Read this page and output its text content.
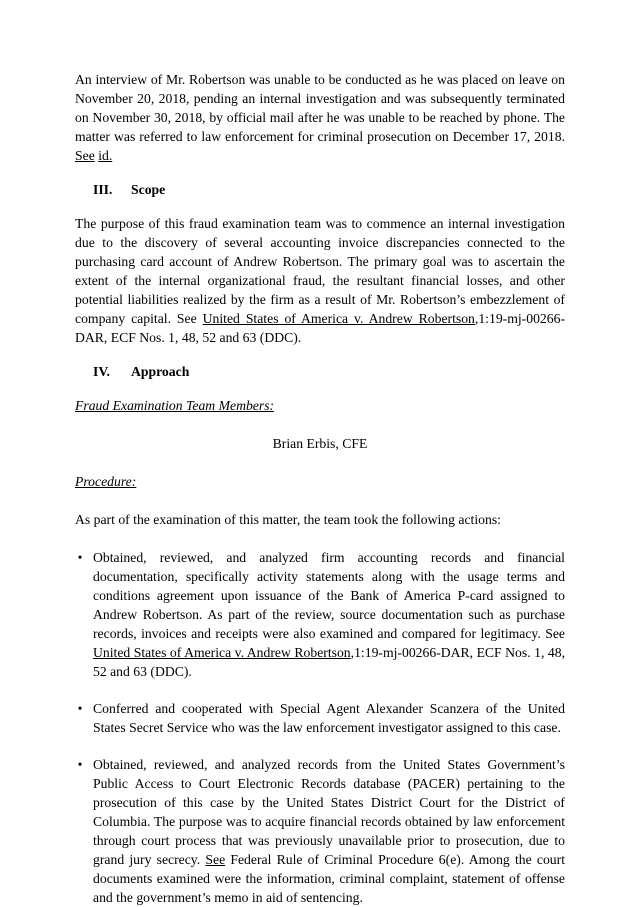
An interview of Mr. Robertson was unable to be conducted as he was placed on leave on November 20, 2018, pending an internal investigation and was subsequently terminated on November 30, 2018, by official mail after he was unable to be reached by phone. The matter was referred to law enforcement for criminal prosecution on December 17, 2018. See id.

III. Scope

The purpose of this fraud examination team was to commence an internal investigation due to the discovery of several accounting invoice discrepancies connected to the purchasing card account of Andrew Robertson. The primary goal was to ascertain the extent of the internal organizational fraud, the resultant financial losses, and other potential liabilities realized by the firm as a result of Mr. Robertson’s embezzlement of company capital. See United States of America v. Andrew Robertson,1:19-mj-00266-DAR, ECF Nos. 1, 48, 52 and 63 (DDC).

IV. Approach

Fraud Examination Team Members:

Brian Erbis, CFE

Procedure:

As part of the examination of this matter, the team took the following actions:

• Obtained, reviewed, and analyzed firm accounting records and financial documentation, specifically activity statements along with the usage terms and conditions agreement upon issuance of the Bank of America P-card assigned to Andrew Robertson. As part of the review, source documentation such as purchase records, invoices and receipts were also examined and compared for legitimacy. See United States of America v. Andrew Robertson,1:19-mj-00266-DAR, ECF Nos. 1, 48, 52 and 63 (DDC).
• Conferred and cooperated with Special Agent Alexander Scanzera of the United States Secret Service who was the law enforcement investigator assigned to this case.
• Obtained, reviewed, and analyzed records from the United States Government’s Public Access to Court Electronic Records database (PACER) pertaining to the prosecution of this case by the United States District Court for the District of Columbia. The purpose was to acquire financial records obtained by law enforcement through court process that was previously unavailable prior to prosecution, due to grand jury secrecy. See Federal Rule of Criminal Procedure 6(e). Among the court documents examined were the information, criminal complaint, statement of offense and the government’s memo in aid of sentencing.
